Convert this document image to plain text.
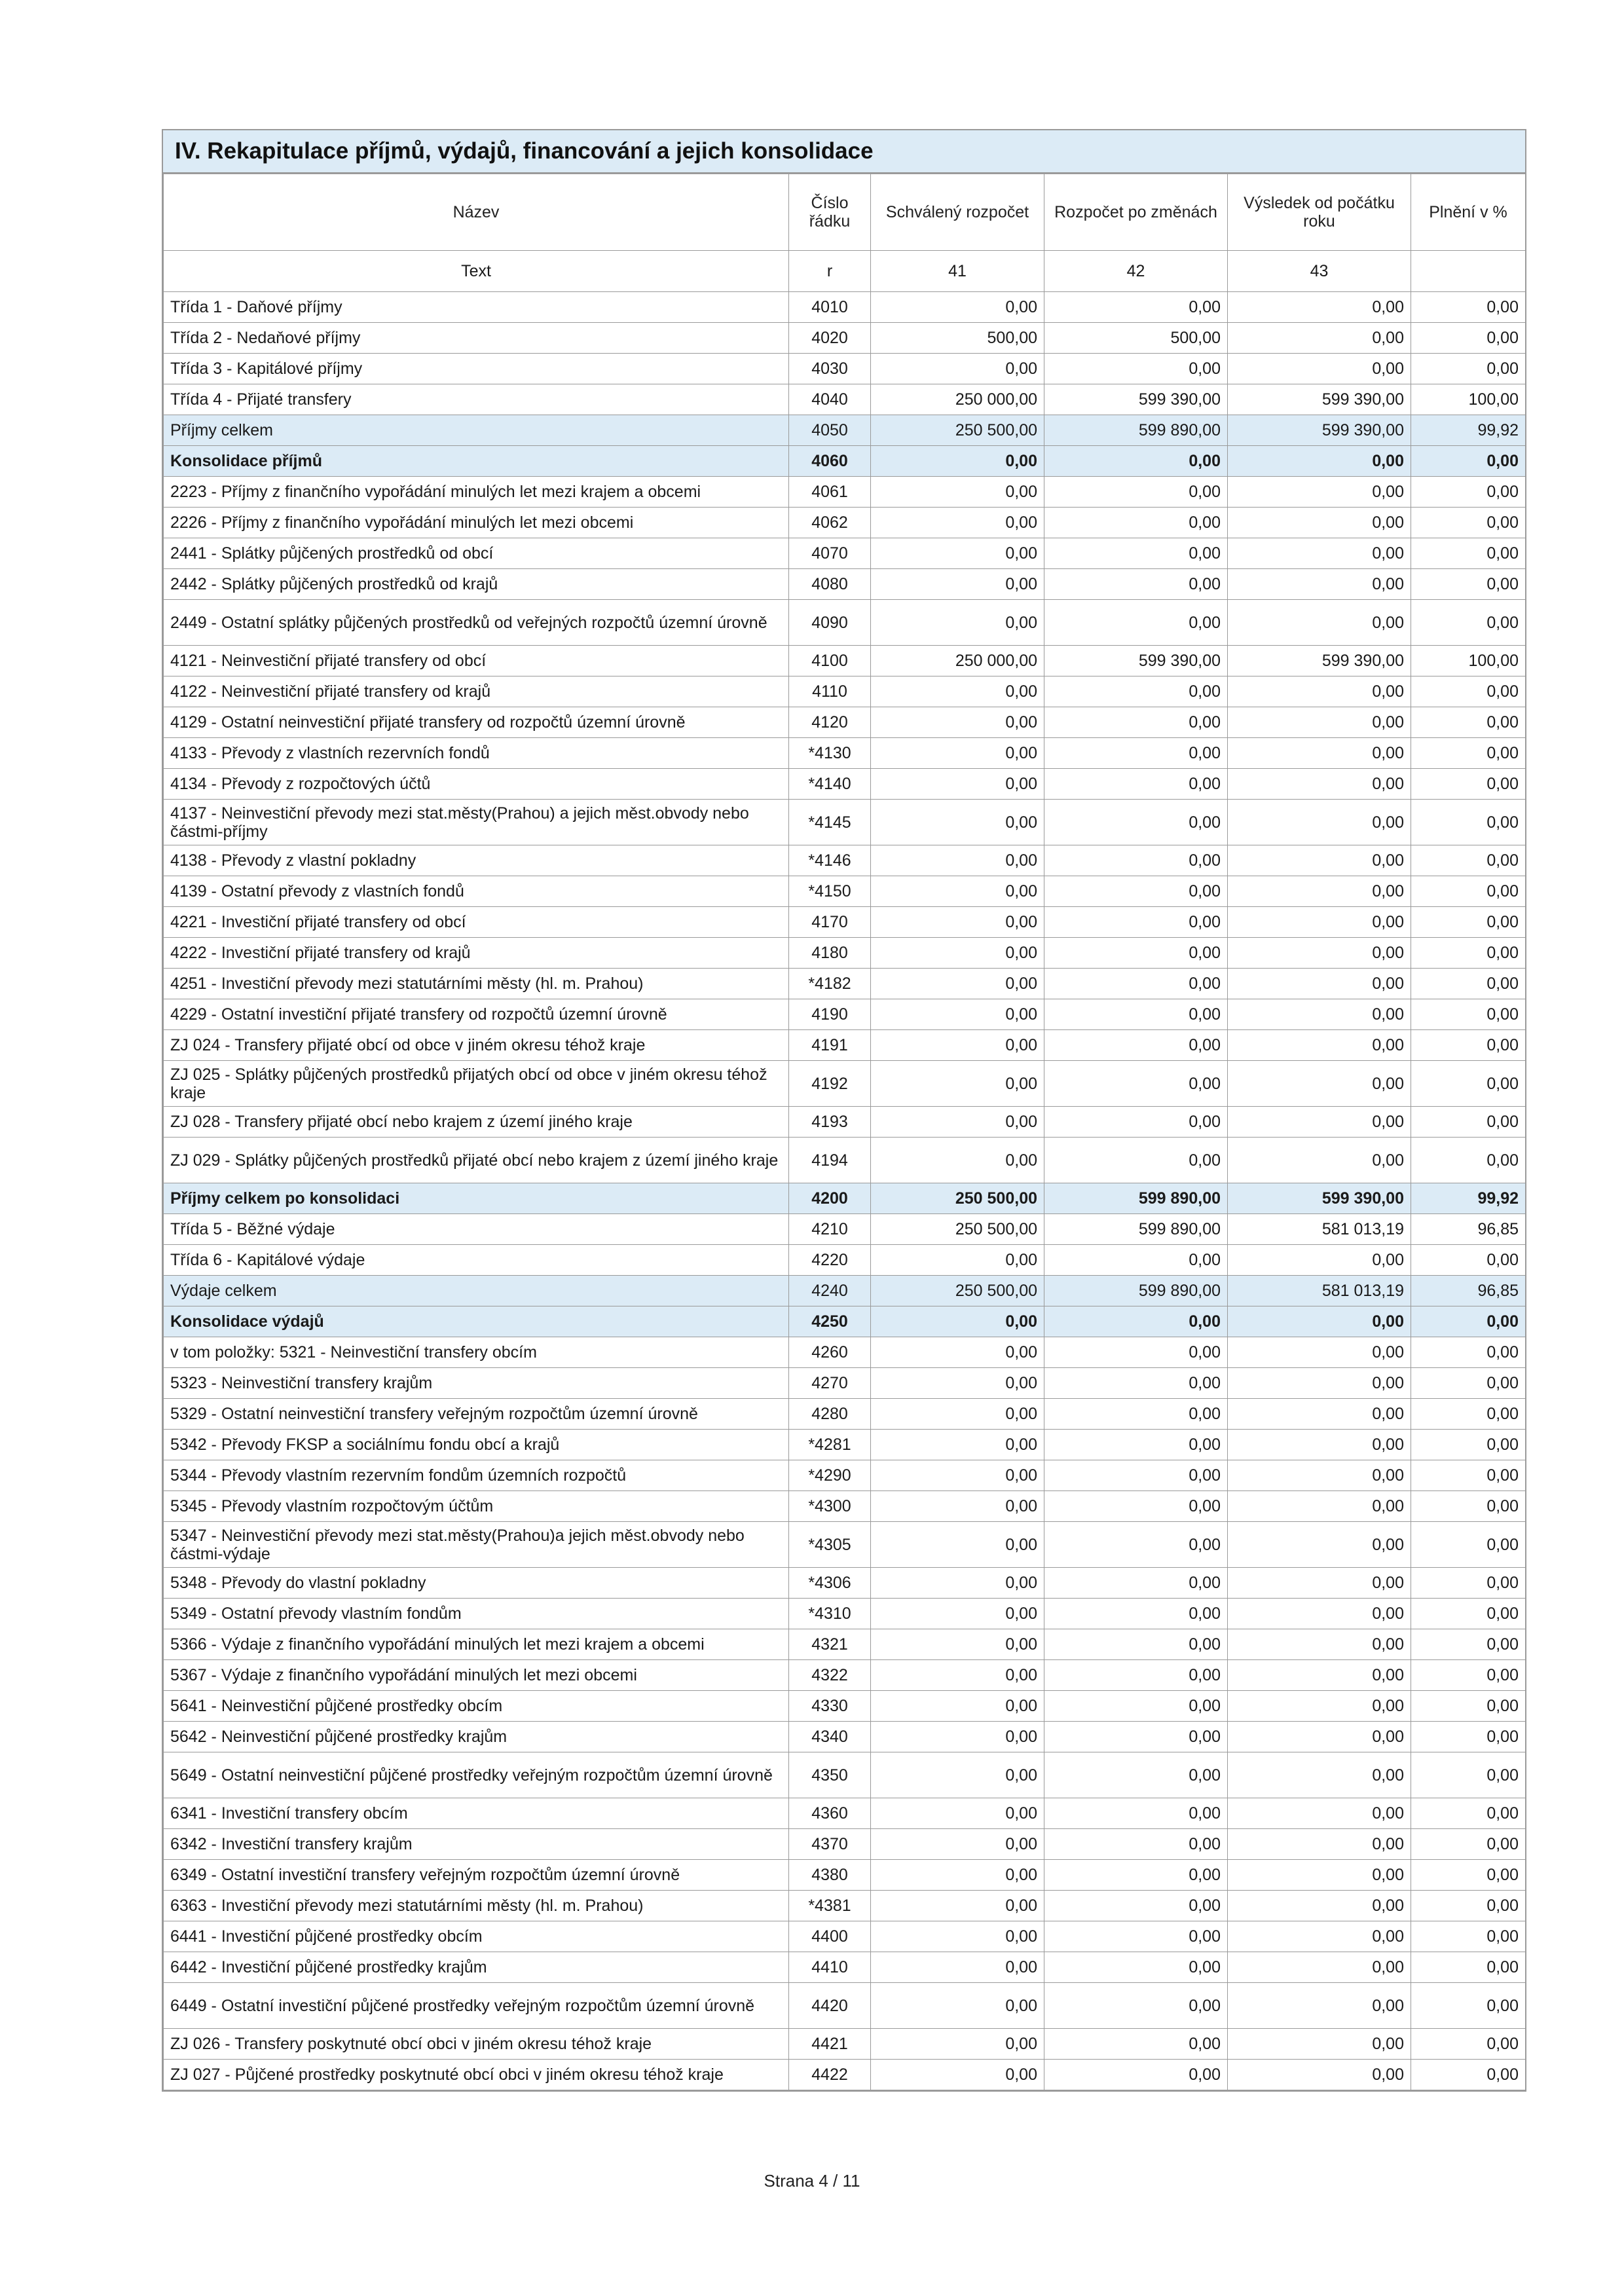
IV. Rekapitulace příjmů, výdajů, financování a jejich konsolidace
Název	Číslo řádku	Schválený rozpočet	Rozpočet po změnách	Výsledek od počátku roku	Plnění v %
Text	r	41	42	43	
Třída 1 - Daňové příjmy	4010	0,00	0,00	0,00	0,00
Třída 2 - Nedaňové příjmy	4020	500,00	500,00	0,00	0,00
Třída 3 - Kapitálové příjmy	4030	0,00	0,00	0,00	0,00
Třída 4 - Přijaté transfery	4040	250 000,00	599 390,00	599 390,00	100,00
Příjmy celkem	4050	250 500,00	599 890,00	599 390,00	99,92
Konsolidace příjmů	4060	0,00	0,00	0,00	0,00
2223 - Příjmy z finančního vypořádání minulých let mezi krajem a obcemi	4061	0,00	0,00	0,00	0,00
2226 - Příjmy z finančního vypořádání minulých let mezi obcemi	4062	0,00	0,00	0,00	0,00
2441 - Splátky půjčených prostředků od obcí	4070	0,00	0,00	0,00	0,00
2442 - Splátky půjčených prostředků od krajů	4080	0,00	0,00	0,00	0,00
2449 - Ostatní splátky půjčených prostředků od veřejných rozpočtů územní úrovně	4090	0,00	0,00	0,00	0,00
4121 - Neinvestiční přijaté transfery od obcí	4100	250 000,00	599 390,00	599 390,00	100,00
4122 - Neinvestiční přijaté transfery od krajů	4110	0,00	0,00	0,00	0,00
4129 - Ostatní neinvestiční přijaté transfery od rozpočtů územní úrovně	4120	0,00	0,00	0,00	0,00
4133 - Převody z vlastních rezervních fondů	*4130	0,00	0,00	0,00	0,00
4134 - Převody z rozpočtových účtů	*4140	0,00	0,00	0,00	0,00
4137 - Neinvestiční převody mezi stat.městy(Prahou) a jejich měst.obvody nebo částmi-příjmy	*4145	0,00	0,00	0,00	0,00
4138 - Převody z vlastní pokladny	*4146	0,00	0,00	0,00	0,00
4139 - Ostatní převody z vlastních fondů	*4150	0,00	0,00	0,00	0,00
4221 - Investiční přijaté transfery od obcí	4170	0,00	0,00	0,00	0,00
4222 - Investiční přijaté transfery od krajů	4180	0,00	0,00	0,00	0,00
4251 - Investiční převody mezi statutárními městy (hl. m. Prahou)	*4182	0,00	0,00	0,00	0,00
4229 - Ostatní investiční přijaté transfery od rozpočtů územní úrovně	4190	0,00	0,00	0,00	0,00
ZJ 024 - Transfery přijaté obcí od obce v jiném okresu téhož kraje	4191	0,00	0,00	0,00	0,00
ZJ 025 - Splátky půjčených prostředků přijatých obcí od obce v jiném okresu téhož kraje	4192	0,00	0,00	0,00	0,00
ZJ 028 - Transfery přijaté obcí nebo krajem z území jiného kraje	4193	0,00	0,00	0,00	0,00
ZJ 029 - Splátky půjčených prostředků přijaté obcí nebo krajem z území jiného kraje	4194	0,00	0,00	0,00	0,00
Příjmy celkem po konsolidaci	4200	250 500,00	599 890,00	599 390,00	99,92
Třída 5 - Běžné výdaje	4210	250 500,00	599 890,00	581 013,19	96,85
Třída 6 - Kapitálové výdaje	4220	0,00	0,00	0,00	0,00
Výdaje celkem	4240	250 500,00	599 890,00	581 013,19	96,85
Konsolidace výdajů	4250	0,00	0,00	0,00	0,00
v tom položky: 5321 - Neinvestiční transfery obcím	4260	0,00	0,00	0,00	0,00
5323 - Neinvestiční transfery krajům	4270	0,00	0,00	0,00	0,00
5329 - Ostatní neinvestiční transfery veřejným rozpočtům územní úrovně	4280	0,00	0,00	0,00	0,00
5342 - Převody FKSP a sociálnímu fondu obcí a krajů	*4281	0,00	0,00	0,00	0,00
5344 - Převody vlastním rezervním fondům územních rozpočtů	*4290	0,00	0,00	0,00	0,00
5345 - Převody vlastním rozpočtovým účtům	*4300	0,00	0,00	0,00	0,00
5347 - Neinvestiční převody mezi stat.městy(Prahou)a jejich měst.obvody nebo částmi-výdaje	*4305	0,00	0,00	0,00	0,00
5348 - Převody do vlastní pokladny	*4306	0,00	0,00	0,00	0,00
5349 - Ostatní převody vlastním fondům	*4310	0,00	0,00	0,00	0,00
5366 - Výdaje z finančního vypořádání minulých let mezi krajem a obcemi	4321	0,00	0,00	0,00	0,00
5367 - Výdaje z finančního vypořádání minulých let mezi obcemi	4322	0,00	0,00	0,00	0,00
5641 - Neinvestiční půjčené prostředky obcím	4330	0,00	0,00	0,00	0,00
5642 - Neinvestiční půjčené prostředky krajům	4340	0,00	0,00	0,00	0,00
5649 - Ostatní neinvestiční půjčené prostředky veřejným rozpočtům územní úrovně	4350	0,00	0,00	0,00	0,00
6341 - Investiční transfery obcím	4360	0,00	0,00	0,00	0,00
6342 - Investiční transfery krajům	4370	0,00	0,00	0,00	0,00
6349 - Ostatní investiční transfery veřejným rozpočtům územní úrovně	4380	0,00	0,00	0,00	0,00
6363 - Investiční převody mezi statutárními městy (hl. m. Prahou)	*4381	0,00	0,00	0,00	0,00
6441 - Investiční půjčené prostředky obcím	4400	0,00	0,00	0,00	0,00
6442 - Investiční půjčené prostředky krajům	4410	0,00	0,00	0,00	0,00
6449 - Ostatní investiční půjčené prostředky veřejným rozpočtům územní úrovně	4420	0,00	0,00	0,00	0,00
ZJ 026 - Transfery poskytnuté obcí obci v jiném okresu téhož kraje	4421	0,00	0,00	0,00	0,00
ZJ 027 - Půjčené prostředky poskytnuté obcí obci v jiném okresu téhož kraje	4422	0,00	0,00	0,00	0,00
Strana 4 / 11
